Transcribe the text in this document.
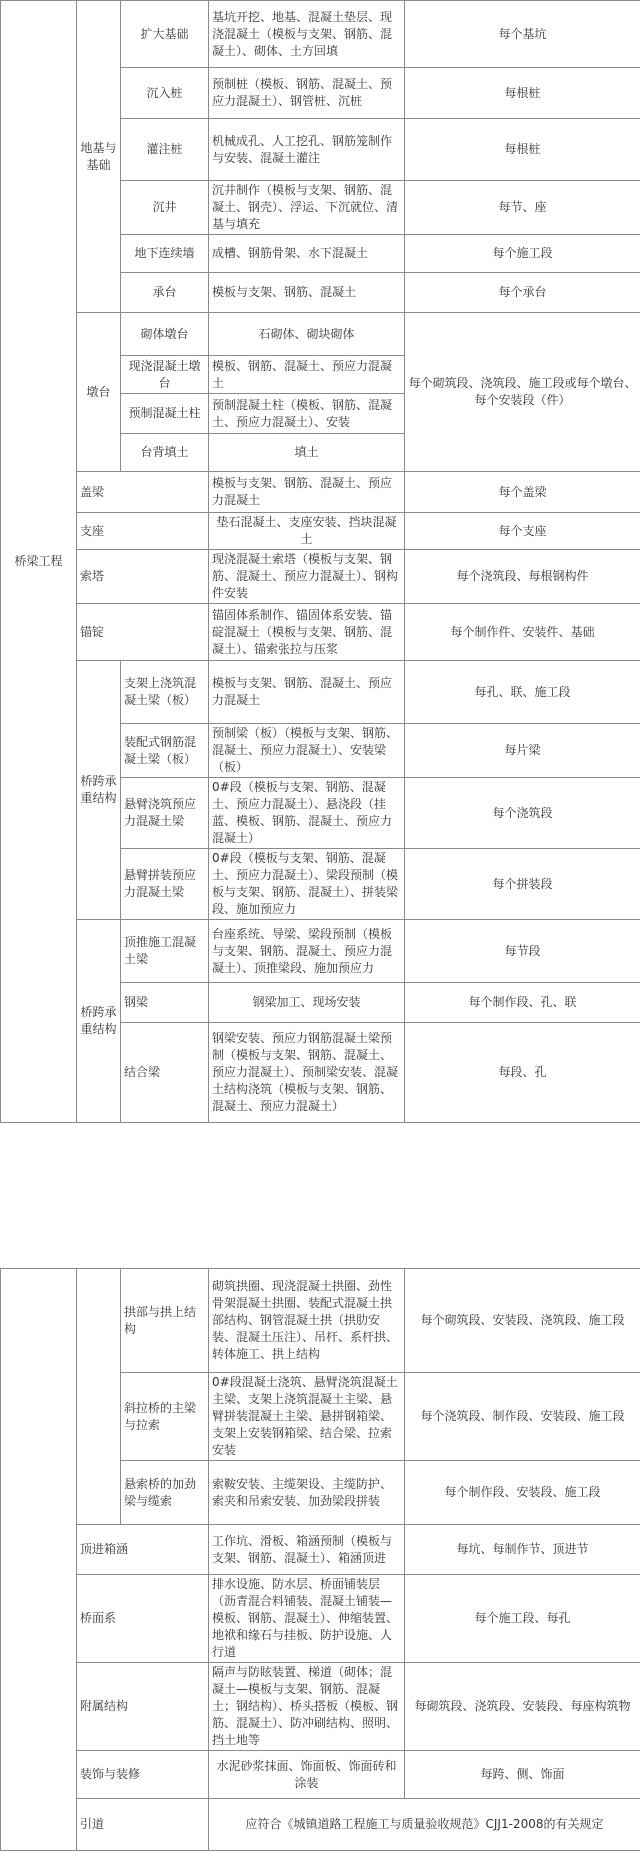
桥梁工程	地基与基础	扩大基础	基坑开挖、地基、混凝土垫层、现浇混凝土（模板与支架、钢筋、混凝土）、砌体、土方回填	每个基坑
		沉入桩	预制桩（模板、钢筋、混凝土、预应力混凝土）、钢管桩、沉桩	每根桩
		灌注桩	机械成孔、人工挖孔、钢筋笼制作与安装、混凝土灌注	每根桩
		沉井	沉井制作（模板与支架、钢筋、混凝土、钢壳）、浮运、下沉就位、清基与填充	每节、座
		地下连续墙	成槽、钢筋骨架、水下混凝土	每个施工段
		承台	模板与支架、钢筋、混凝土	每个承台
	墩台	砌体墩台	石砌体、砌块砌体	每个砌筑段、浇筑段、施工段或每个墩台、每个安装段（件）
		现浇混凝土墩台	模板、钢筋、混凝土、预应力混凝土	
		预制混凝土柱	预制混凝土柱（模板、钢筋、混凝土、预应力混凝土）、安装	
		台背填土	填土	
	盖梁		模板与支架、钢筋、混凝土、预应力混凝土	每个盖梁
	支座		垫石混凝土、支座安装、挡块混凝土	每个支座
	索塔		现浇混凝土索塔（模板与支架、钢筋、混凝土、预应力混凝土）、钢构件安装	每个浇筑段、每根钢构件
	锚锭		锚固体系制作、锚固体系安装、锚碇混凝土（模板与支架、钢筋、混凝土）、锚索张拉与压浆	每个制作件、安装件、基础
	桥跨承重结构	支架上浇筑混凝土梁（板）	模板与支架、钢筋、混凝土、预应力混凝土	每孔、联、施工段
		装配式钢筋混凝土梁（板）	预制梁（板）（模板与支架、钢筋、混凝土、预应力混凝土）、安装梁（板）	每片梁
		悬臂浇筑预应力混凝土梁	0#段（模板与支架、钢筋、混凝土、预应力混凝土）、悬浇段（挂蓝、模板、钢筋、混凝土、预应力混凝土）	每个浇筑段
		悬臂拼装预应力混凝土梁	0#段（模板与支架、钢筋、混凝土、预应力混凝土）、梁段预制（模板与支架、钢筋、混凝土）、拼装梁段、施加预应力	每个拼装段
	桥跨承重结构	顶推施工混凝土梁	台座系统、导梁、梁段预制（模板与支架、钢筋、混凝土、预应力混凝土）、顶推梁段、施加预应力	每节段
		钢梁	钢梁加工、现场安装	每个制作段、孔、联
		结合梁	钢梁安装、预应力钢筋混凝土梁预制（模板与支架、钢筋、混凝土、预应力混凝土）、预制梁安装、混凝土结构浇筑（模板与支架、钢筋、混凝土、预应力混凝土）	每段、孔
		拱部与拱上结构	砌筑拱圈、现浇混凝土拱圈、劲性骨架混凝土拱圈、装配式混凝土拱部结构、钢管混凝土拱（拱肋安装、混凝土压注）、吊杆、系杆拱、转体施工、拱上结构	每个砌筑段、安装段、浇筑段、施工段
		斜拉桥的主梁与拉索	0#段混凝土浇筑、悬臂浇筑混凝土主梁、支架上浇筑混凝土主梁、悬臂拼装混凝土主梁、悬拼钢箱梁、支架上安装钢箱梁、结合梁、拉索安装	每个浇筑段、制作段、安装段、施工段
		悬索桥的加劲梁与缆索	索鞍安装、主缆架设、主缆防护、索夹和吊索安装、加劲梁段拼装	每个制作段、安装段、施工段
	顶进箱涵		工作坑、滑板、箱涵预制（模板与支架、钢筋、混凝土）、箱涵顶进	每坑、每制作节、顶进节
	桥面系		排水设施、防水层、桥面铺装层（沥青混合料铺装、混凝土铺装—模板、钢筋、混凝土）、伸缩装置、地袱和缘石与挂板、防护设施、人行道	每个施工段、每孔
	附属结构		隔声与防眩装置、梯道（砌体；混凝土—模板与支架、钢筋、混凝土；钢结构）、桥头搭板（模板、钢筋、混凝土）、防冲刷结构、照明、挡土地等	每砌筑段、浇筑段、安装段、每座构筑物
	装饰与装修		水泥砂浆抹面、饰面板、饰面砖和涂装	每跨、侧、饰面
	引道		应符合《城镇道路工程施工与质量验收规范》CJJ1-2008的有关规定	
